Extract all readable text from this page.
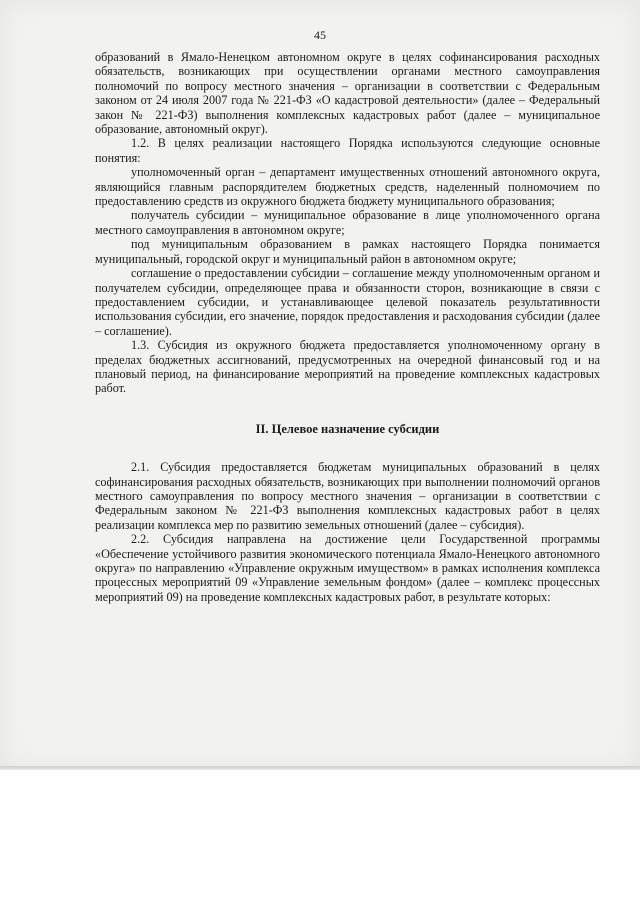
45

образований в Ямало-Ненецком автономном округе в целях софинансирования расходных обязательств, возникающих при осуществлении органами местного самоуправления полномочий по вопросу местного значения – организации в соответствии с Федеральным законом от 24 июля 2007 года № 221-ФЗ «О кадастровой деятельности» (далее – Федеральный закон № 221-ФЗ) выполнения комплексных кадастровых работ (далее – муниципальное образование, автономный округ).

1.2. В целях реализации настоящего Порядка используются следующие основные понятия:

уполномоченный орган – департамент имущественных отношений автономного округа, являющийся главным распорядителем бюджетных средств, наделенный полномочием по предоставлению средств из окружного бюджета бюджету муниципального образования;

получатель субсидии – муниципальное образование в лице уполномоченного органа местного самоуправления в автономном округе;

под муниципальным образованием в рамках настоящего Порядка понимается муниципальный, городской округ и муниципальный район в автономном округе;

соглашение о предоставлении субсидии – соглашение между уполномоченным органом и получателем субсидии, определяющее права и обязанности сторон, возникающие в связи с предоставлением субсидии, и устанавливающее целевой показатель результативности использования субсидии, его значение, порядок предоставления и расходования субсидии (далее – соглашение).

1.3. Субсидия из окружного бюджета предоставляется уполномоченному органу в пределах бюджетных ассигнований, предусмотренных на очередной финансовый год и на плановый период, на финансирование мероприятий на проведение комплексных кадастровых работ.

II. Целевое назначение субсидии

2.1. Субсидия предоставляется бюджетам муниципальных образований в целях софинансирования расходных обязательств, возникающих при выполнении полномочий органов местного самоуправления по вопросу местного значения – организации в соответствии с Федеральным законом № 221-ФЗ выполнения комплексных кадастровых работ в целях реализации комплекса мер по развитию земельных отношений (далее – субсидия).

2.2. Субсидия направлена на достижение цели Государственной программы «Обеспечение устойчивого развития экономического потенциала Ямало-Ненецкого автономного округа» по направлению «Управление окружным имуществом» в рамках исполнения комплекса процессных мероприятий 09 «Управление земельным фондом» (далее – комплекс процессных мероприятий 09) на проведение комплексных кадастровых работ, в результате которых:
